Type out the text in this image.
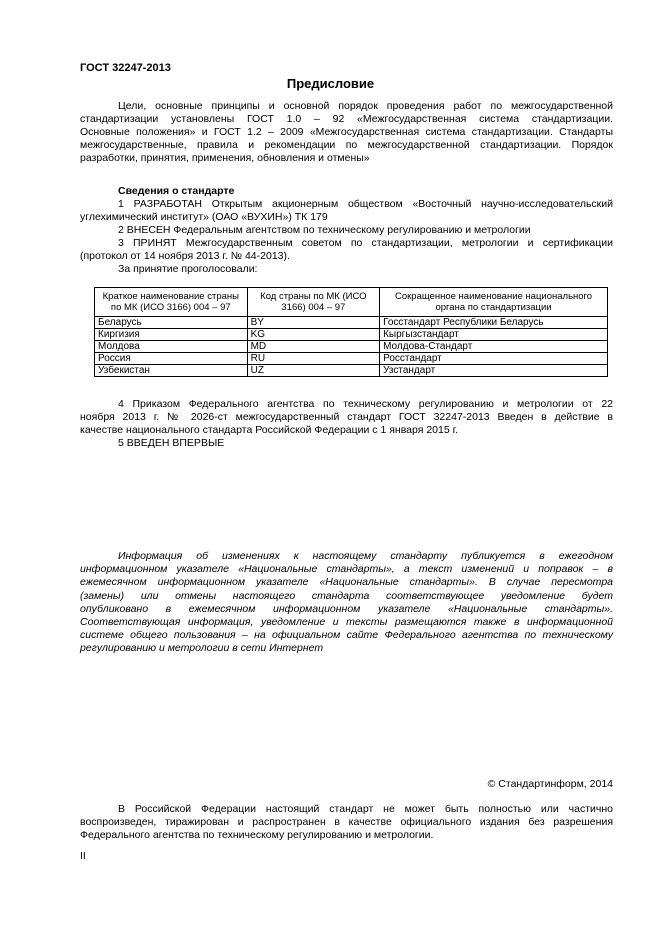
ГОСТ 32247-2013
Предисловие
Цели, основные принципы и основной порядок проведения работ по межгосударственной
стандартизации установлены ГОСТ 1.0 – 92 «Межгосударственная система стандартизации.
Основные положения» и ГОСТ 1.2 – 2009 «Межгосударственная система стандартизации. Стандарты
межгосударственные, правила и рекомендации по межгосударственной стандартизации. Порядок
разработки, принятия, применения, обновления и отмены»
Сведения о стандарте
1 РАЗРАБОТАН Открытым акционерным обществом «Восточный научно-исследовательский
углехимический институт» (ОАО «ВУХИН») ТК 179
2 ВНЕСЕН Федеральным агентством по техническому регулированию и метрологии
3 ПРИНЯТ Межгосударственным советом по стандартизации, метрологии и сертификации
(протокол от 14 ноября 2013 г. № 44-2013).
За принятие проголосовали:
Краткое наименование страны по МК (ИСО 3166) 004 – 97	Код страны по МК (ИСО 3166) 004 – 97	Сокращенное наименование национального органа по стандартизации
Беларусь	BY	Госстандарт Республики Беларусь
Киргизия	KG	Кыргызстандарт
Молдова	MD	Молдова-Стандарт
Россия	RU	Росстандарт
Узбекистан	UZ	Узстандарт
4 Приказом Федерального агентства по техническому регулированию и метрологии от 22
ноября 2013 г. № 2026-ст межгосударственный стандарт ГОСТ 32247-2013 Введен в действие в
качестве национального стандарта Российской Федерации с 1 января 2015 г.
5 ВВЕДЕН ВПЕРВЫЕ
Информация об изменениях к настоящему стандарту публикуется в ежегодном
информационном указателе «Национальные стандарты», а текст изменений и поправок – в
ежемесячном информационном указателе «Национальные стандарты». В случае пересмотра
(замены) или отмены настоящего стандарта соответствующее уведомление будет
опубликовано в ежемесячном информационном указателе «Национальные стандарты».
Соответствующая информация, уведомление и тексты размещаются также в информационной
системе общего пользования – на официальном сайте Федерального агентства по техническому
регулированию и метрологии в сети Интернет
© Стандартинформ, 2014
В Российской Федерации настоящий стандарт не может быть полностью или частично
воспроизведен, тиражирован и распространен в качестве официального издания без разрешения
Федерального агентства по техническому регулированию и метрологии.
II
